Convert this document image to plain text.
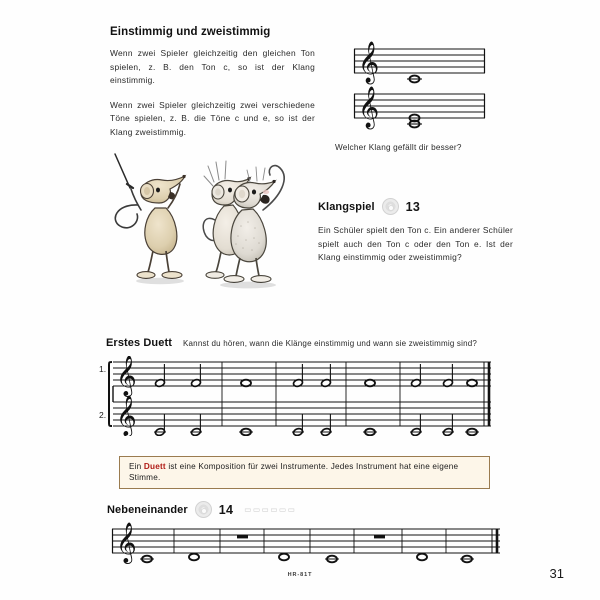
Einstimmig und zweistimmig

Wenn zwei Spieler gleichzeitig den gleichen Ton spielen, z. B. den Ton c, so ist der Klang einstimmig.

Wenn zwei Spieler gleichzeitig zwei verschiedene Töne spielen, z. B. die Töne c und e, so ist der Klang zweistimmig.

𝄞
𝄞
Welcher Klang gefällt dir besser?
Klangspiel 13

Ein Schüler spielt den Ton c. Ein anderer Schüler spielt auch den Ton c oder den Ton e. Ist der Klang einstimmig oder zweistimmig?

Erstes Duett Kannst du hören, wann die Klänge einstimmig und wann sie zweistimmig sind?
1.
2.
𝄞
𝄞
Ein Duett ist eine Komposition für zwei Instrumente. Jedes Instrument hat eine eigene Stimme.
Nebeneinander 14 ▭▭▭▭▭▭
𝄞
HR-81T	31
